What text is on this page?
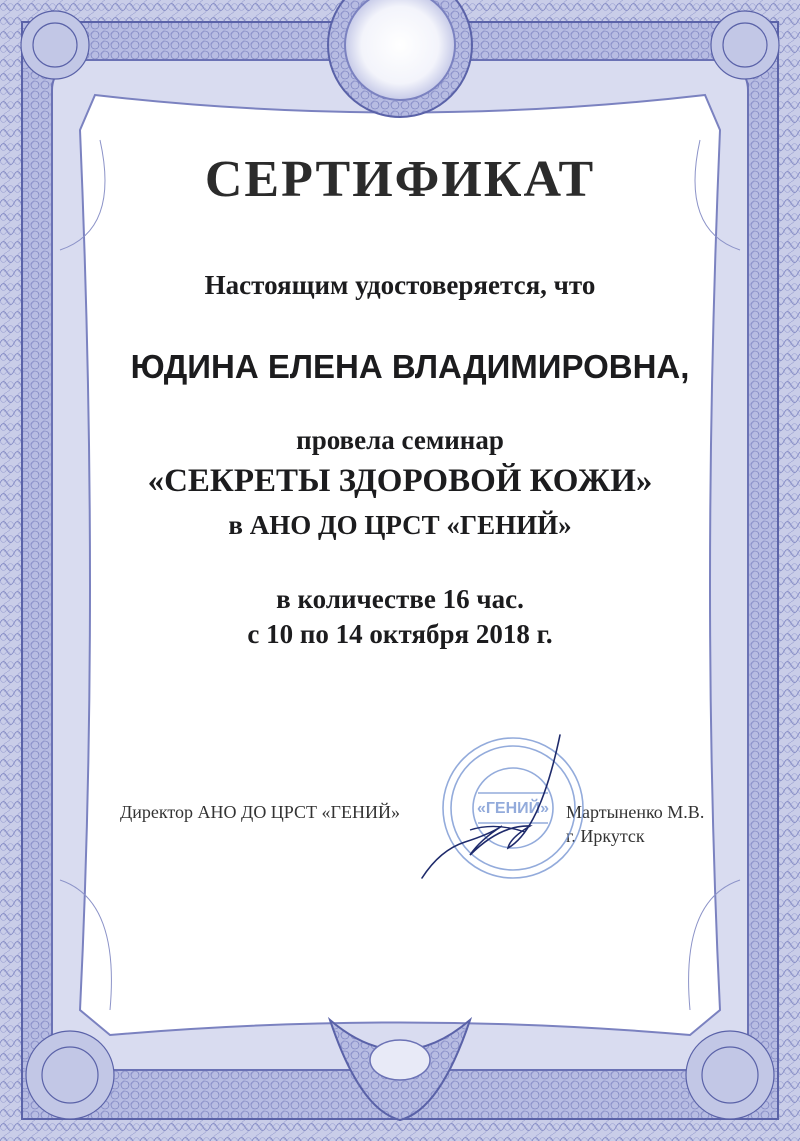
СЕРТИФИКАТ
Настоящим удостоверяется, что
ЮДИНА ЕЛЕНА ВЛАДИМИРОВНА,
провела семинар
«СЕКРЕТЫ ЗДОРОВОЙ КОЖИ»
в АНО ДО ЦРСТ «ГЕНИЙ»
в количестве 16 час.
с 10 по 14 октября 2018 г.
Директор АНО ДО ЦРСТ «ГЕНИЙ»	Мартыненко М.В.
г. Иркутск
«ГЕНИЙ»
